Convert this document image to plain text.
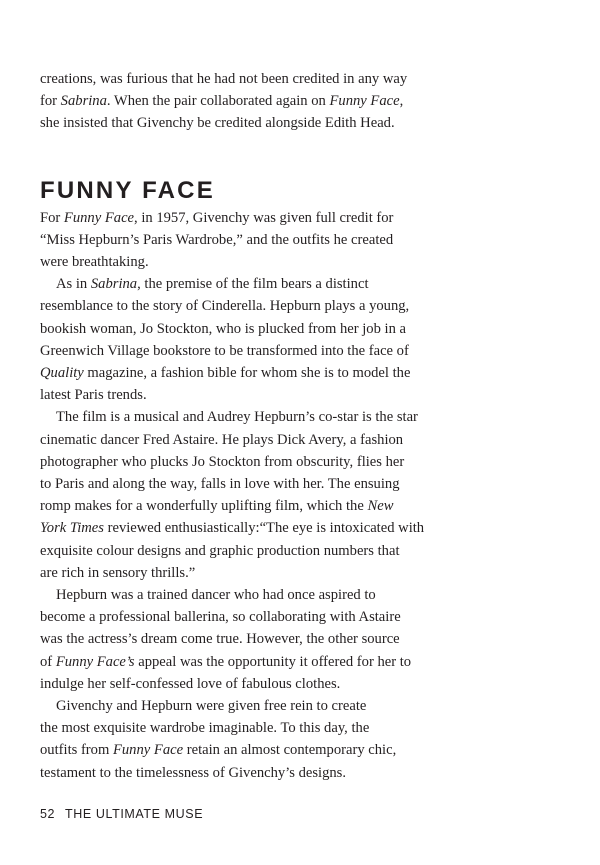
creations, was furious that he had not been credited in any way
for Sabrina. When the pair collaborated again on Funny Face,
she insisted that Givenchy be credited alongside Edith Head.

FUNNY FACE

For Funny Face, in 1957, Givenchy was given full credit for
“Miss Hepburn’s Paris Wardrobe,” and the outfits he created
were breathtaking.

As in Sabrina, the premise of the film bears a distinct
resemblance to the story of Cinderella. Hepburn plays a young,
bookish woman, Jo Stockton, who is plucked from her job in a
Greenwich Village bookstore to be transformed into the face of
Quality magazine, a fashion bible for whom she is to model the
latest Paris trends.

The film is a musical and Audrey Hepburn’s co-star is the star
cinematic dancer Fred Astaire. He plays Dick Avery, a fashion
photographer who plucks Jo Stockton from obscurity, flies her
to Paris and along the way, falls in love with her. The ensuing
romp makes for a wonderfully uplifting film, which the New
York Times reviewed enthusiastically:“The eye is intoxicated with
exquisite colour designs and graphic production numbers that
are rich in sensory thrills.”

Hepburn was a trained dancer who had once aspired to
become a professional ballerina, so collaborating with Astaire
was the actress’s dream come true. However, the other source
of Funny Face’s appeal was the opportunity it offered for her to
indulge her self-confessed love of fabulous clothes.

Givenchy and Hepburn were given free rein to create
the most exquisite wardrobe imaginable. To this day, the
outfits from Funny Face retain an almost contemporary chic,
testament to the timelessness of Givenchy’s designs.

52 THE ULTIMATE MUSE
